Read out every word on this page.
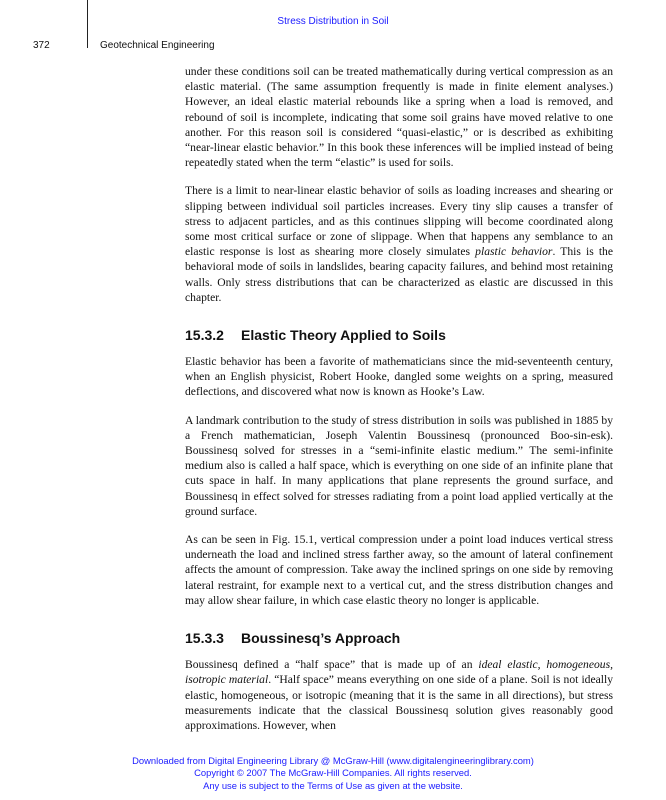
Stress Distribution in Soil
372	Geotechnical Engineering

under these conditions soil can be treated mathematically during vertical compression as an elastic material. (The same assumption frequently is made in finite element analyses.) However, an ideal elastic material rebounds like a spring when a load is removed, and rebound of soil is incomplete, indicating that some soil grains have moved relative to one another. For this reason soil is considered “quasi-elastic,” or is described as exhibiting “near-linear elastic behavior.” In this book these inferences will be implied instead of being repeatedly stated when the term “elastic” is used for soils.

There is a limit to near-linear elastic behavior of soils as loading increases and shearing or slipping between individual soil particles increases. Every tiny slip causes a transfer of stress to adjacent particles, and as this continues slipping will become coordinated along some most critical surface or zone of slippage. When that happens any semblance to an elastic response is lost as shearing more closely simulates plastic behavior. This is the behavioral mode of soils in landslides, bearing capacity failures, and behind most retaining walls. Only stress distributions that can be characterized as elastic are discussed in this chapter.

15.3.2 Elastic Theory Applied to Soils

Elastic behavior has been a favorite of mathematicians since the mid-seventeenth century, when an English physicist, Robert Hooke, dangled some weights on a spring, measured deflections, and discovered what now is known as Hooke’s Law.

A landmark contribution to the study of stress distribution in soils was published in 1885 by a French mathematician, Joseph Valentin Boussinesq (pronounced Boo-sin-esk). Boussinesq solved for stresses in a “semi-infinite elastic medium.” The semi-infinite medium also is called a half space, which is everything on one side of an infinite plane that cuts space in half. In many applications that plane represents the ground surface, and Boussinesq in effect solved for stresses radiating from a point load applied vertically at the ground surface.

As can be seen in Fig. 15.1, vertical compression under a point load induces vertical stress underneath the load and inclined stress farther away, so the amount of lateral confinement affects the amount of compression. Take away the inclined springs on one side by removing lateral restraint, for example next to a vertical cut, and the stress distribution changes and may allow shear failure, in which case elastic theory no longer is applicable.

15.3.3 Boussinesq’s Approach

Boussinesq defined a “half space” that is made up of an ideal elastic, homogeneous, isotropic material. “Half space” means everything on one side of a plane. Soil is not ideally elastic, homogeneous, or isotropic (meaning that it is the same in all directions), but stress measurements indicate that the classical Boussinesq solution gives reasonably good approximations. However, when

Downloaded from Digital Engineering Library @ McGraw-Hill (www.digitalengineeringlibrary.com)
Copyright © 2007 The McGraw-Hill Companies. All rights reserved.
Any use is subject to the Terms of Use as given at the website.
